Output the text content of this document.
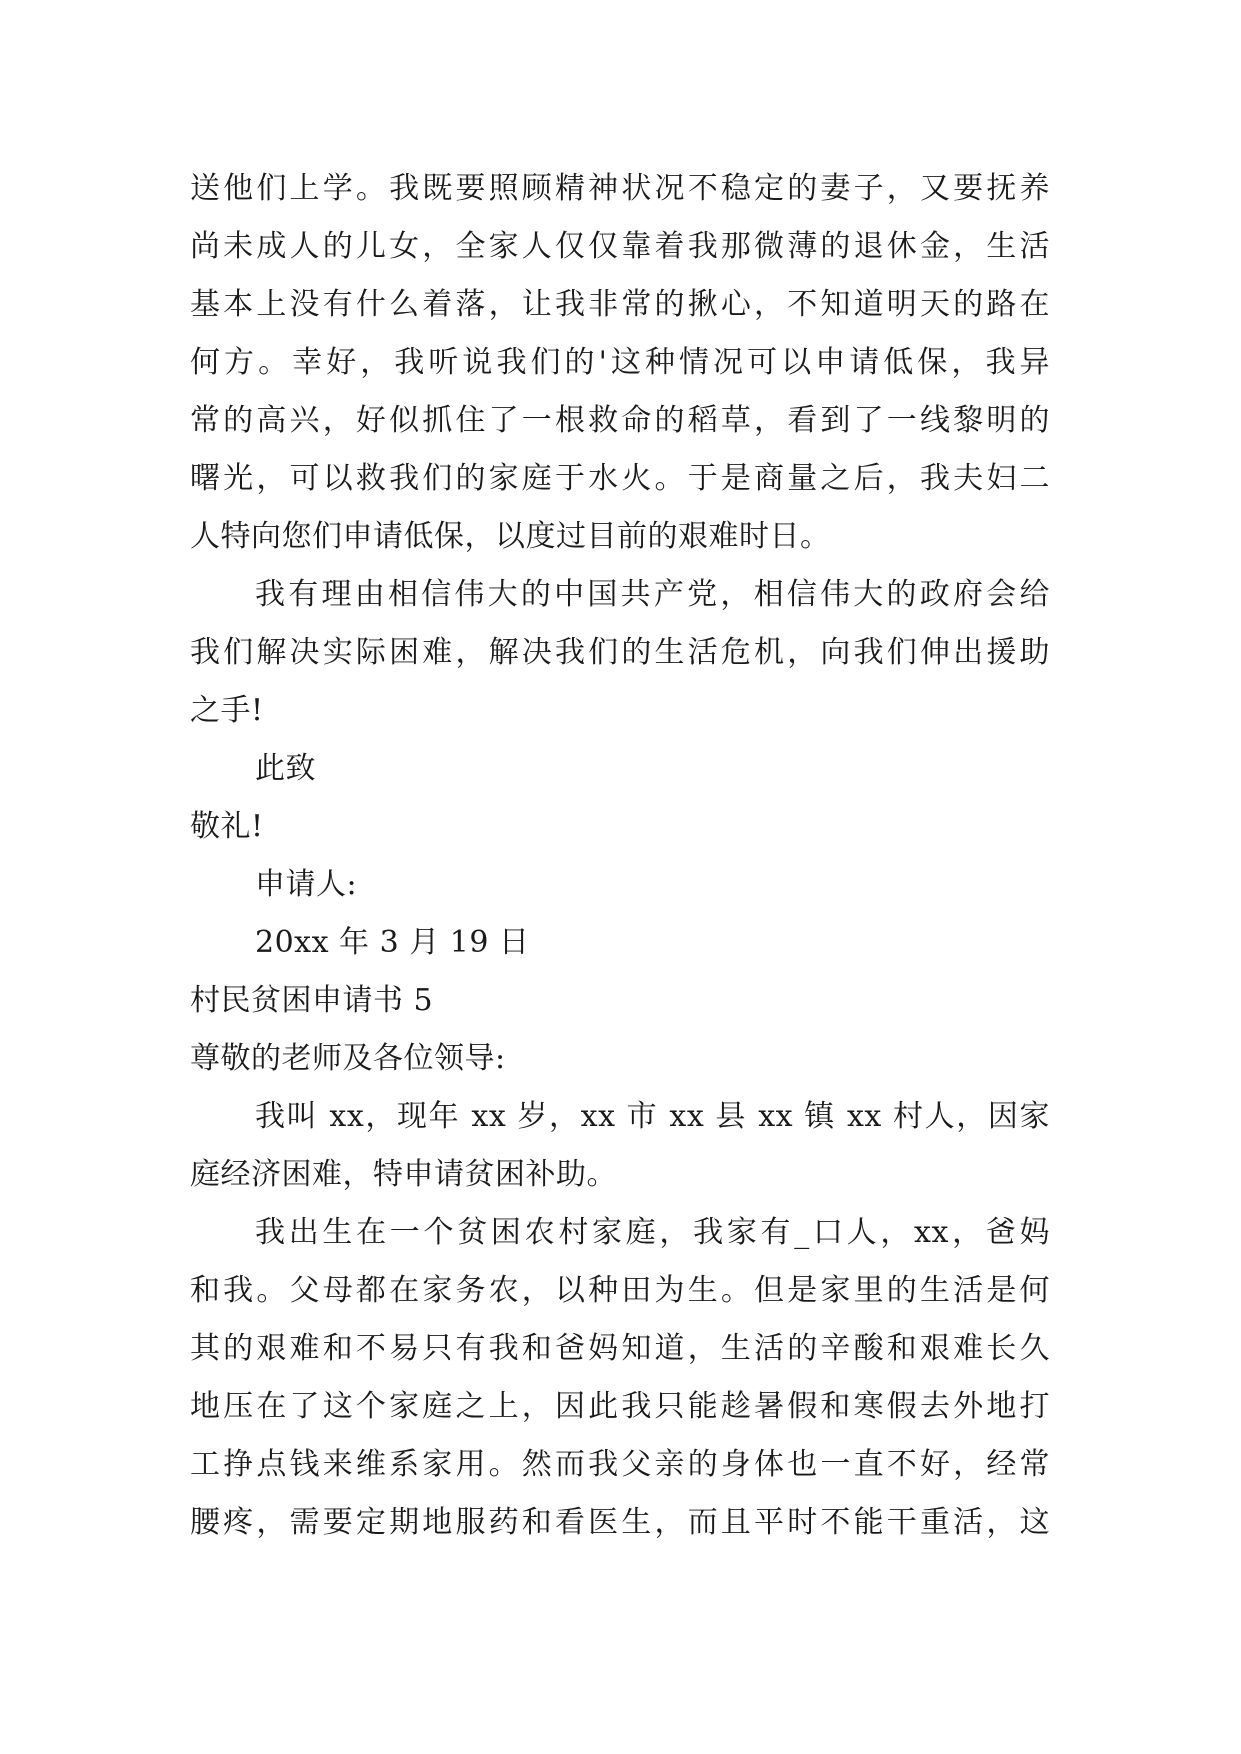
送他们上学。我既要照顾精神状况不稳定的妻子，又要抚养
尚未成人的儿女，全家人仅仅靠着我那微薄的退休金，生活
基本上没有什么着落，让我非常的揪心，不知道明天的路在
何方。幸好，我听说我们的'这种情况可以申请低保，我异
常的高兴，好似抓住了一根救命的稻草，看到了一线黎明的
曙光，可以救我们的家庭于水火。于是商量之后，我夫妇二
人特向您们申请低保，以度过目前的艰难时日。
我有理由相信伟大的中国共产党，相信伟大的政府会给
我们解决实际困难，解决我们的生活危机，向我们伸出援助
之手!
此致
敬礼!
申请人:
20xx 年 3 月 19 日
村民贫困申请书 5
尊敬的老师及各位领导:
我叫 xx，现年 xx 岁，xx 市 xx 县 xx 镇 xx 村人，因家
庭经济困难，特申请贫困补助。
我出生在一个贫困农村家庭，我家有_口人，xx，爸妈
和我。父母都在家务农，以种田为生。但是家里的生活是何
其的艰难和不易只有我和爸妈知道，生活的辛酸和艰难长久
地压在了这个家庭之上，因此我只能趁暑假和寒假去外地打
工挣点钱来维系家用。然而我父亲的身体也一直不好，经常
腰疼，需要定期地服药和看医生，而且平时不能干重活，这
